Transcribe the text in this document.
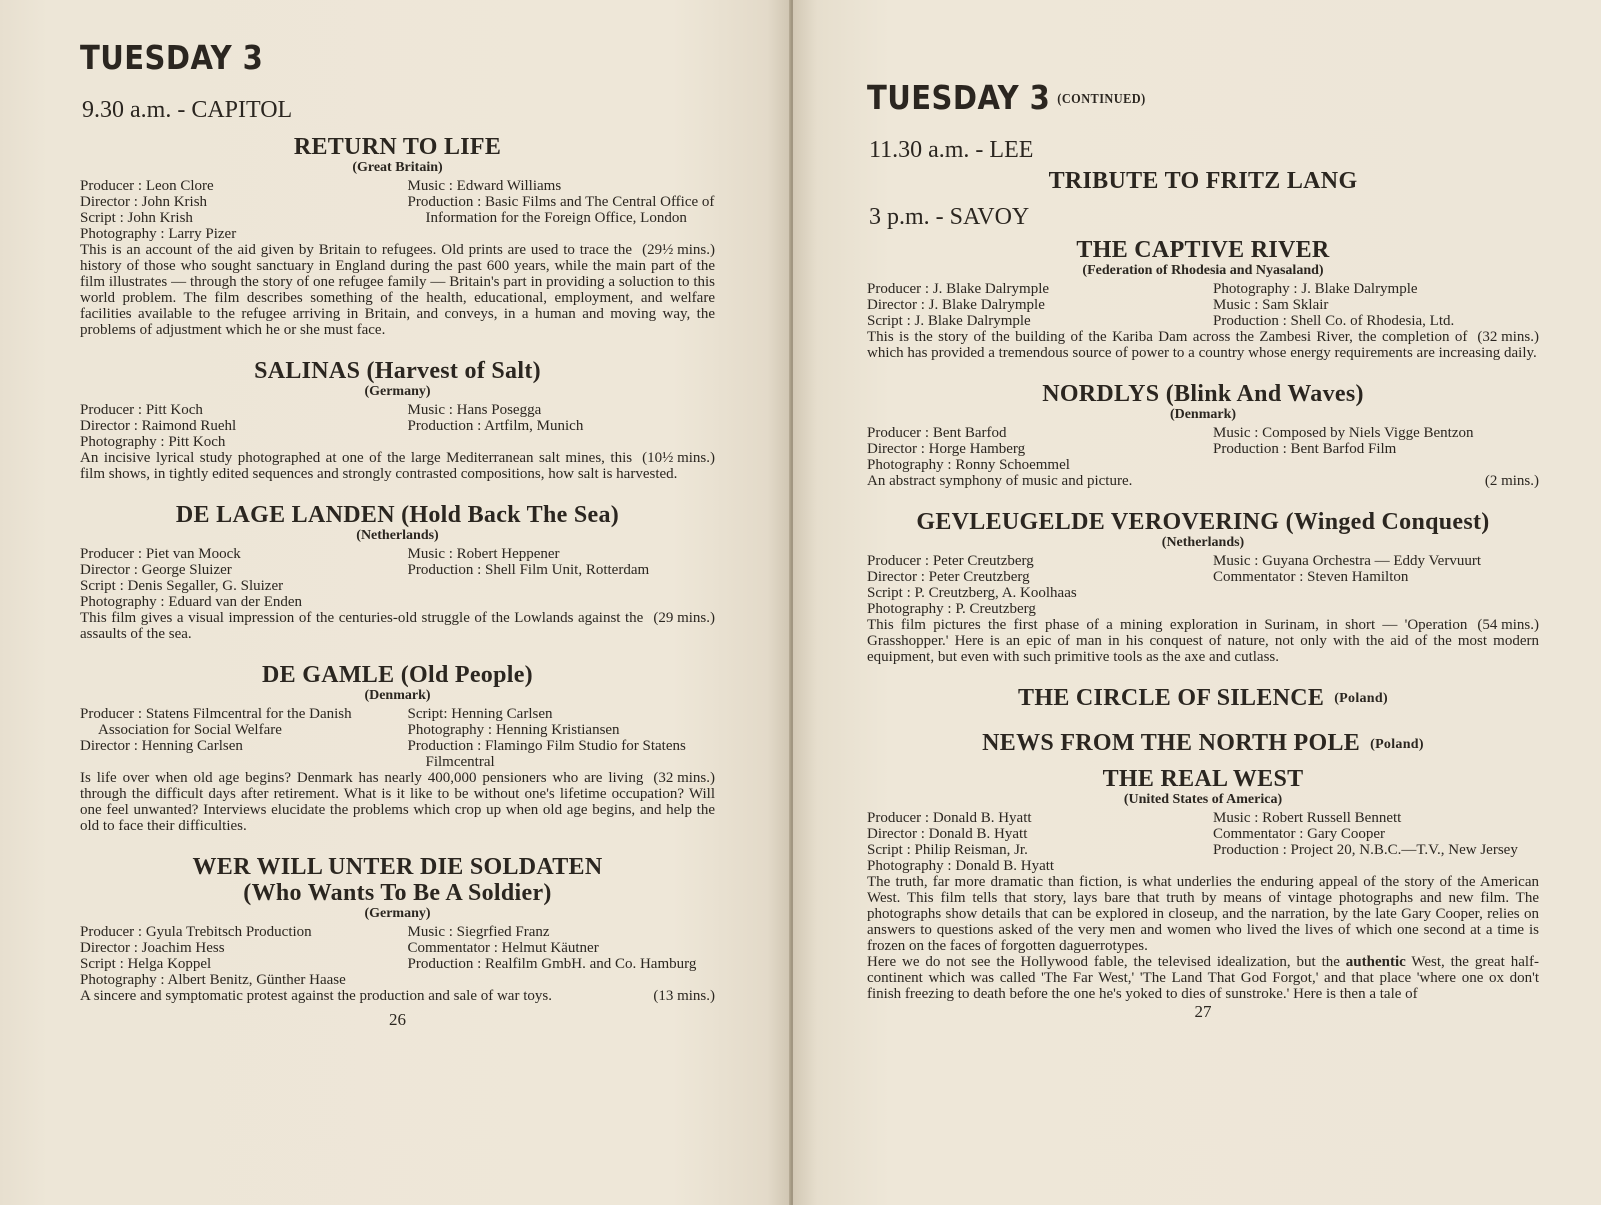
TUESDAY 3
9.30 a.m. - CAPITOL
RETURN TO LIFE
(Great Britain)
Producer : Leon Clore
Director : John Krish
Script : John Krish
Photography : Larry Pizer
Music : Edward Williams
Production : Basic Films and The Central Office of Information for the Foreign Office, London

(29½ mins.)
This is an account of the aid given by Britain to refugees. Old prints are used to trace the history of those who sought sanctuary in England during the past 600 years, while the main part of the film illustrates — through the story of one refugee family — Britain's part in providing a soluction to this world problem. The film describes something of the health, educational, employment, and welfare facilities available to the refugee arriving in Britain, and conveys, in a human and moving way, the problems of adjustment which he or she must face.

SALINAS (Harvest of Salt)
(Germany)
Producer : Pitt Koch
Director : Raimond Ruehl
Photography : Pitt Koch
Music : Hans Posegga
Production : Artfilm, Munich

(10½ mins.)
An incisive lyrical study photographed at one of the large Mediterranean salt mines, this film shows, in tightly edited sequences and strongly contrasted compositions, how salt is harvested.

DE LAGE LANDEN (Hold Back The Sea)
(Netherlands)
Producer : Piet van Moock
Director : George Sluizer
Script : Denis Segaller, G. Sluizer
Photography : Eduard van der Enden
Music : Robert Heppener
Production : Shell Film Unit, Rotterdam

(29 mins.)
This film gives a visual impression of the centuries-old struggle of the Lowlands against the assaults of the sea.

DE GAMLE (Old People)
(Denmark)
Producer : Statens Filmcentral for the Danish Association for Social Welfare
Director : Henning Carlsen
Script: Henning Carlsen
Photography : Henning Kristiansen
Production : Flamingo Film Studio for Statens Filmcentral

(32 mins.)
Is life over when old age begins? Denmark has nearly 400,000 pensioners who are living through the difficult days after retirement. What is it like to be without one's lifetime occupation? Will one feel unwanted? Interviews elucidate the problems which crop up when old age begins, and help the old to face their difficulties.

WER WILL UNTER DIE SOLDATEN
(Who Wants To Be A Soldier)
(Germany)
Producer : Gyula Trebitsch Production
Director : Joachim Hess
Script : Helga Koppel
Photography : Albert Benitz, Günther Haase
Music : Siegrfied Franz
Commentator : Helmut Käutner
Production : Realfilm GmbH. and Co. Hamburg

(13 mins.)
A sincere and symptomatic protest against the production and sale of war toys.

26
TUESDAY 3 (CONTINUED)
11.30 a.m. - LEE
TRIBUTE TO FRITZ LANG
3 p.m. - SAVOY
THE CAPTIVE RIVER
(Federation of Rhodesia and Nyasaland)
Producer : J. Blake Dalrymple
Director : J. Blake Dalrymple
Script : J. Blake Dalrymple
Photography : J. Blake Dalrymple
Music : Sam Sklair
Production : Shell Co. of Rhodesia, Ltd.

(32 mins.)
This is the story of the building of the Kariba Dam across the Zambesi River, the completion of which has provided a tremendous source of power to a country whose energy requirements are increasing daily.

NORDLYS (Blink And Waves)
(Denmark)
Producer : Bent Barfod
Director : Horge Hamberg
Photography : Ronny Schoemmel
Music : Composed by Niels Vigge Bentzon
Production : Bent Barfod Film

(2 mins.)
An abstract symphony of music and picture.

GEVLEUGELDE VEROVERING (Winged Conquest)
(Netherlands)
Producer : Peter Creutzberg
Director : Peter Creutzberg
Script : P. Creutzberg, A. Koolhaas
Photography : P. Creutzberg
Music : Guyana Orchestra — Eddy Vervuurt
Commentator : Steven Hamilton

(54 mins.)
This film pictures the first phase of a mining exploration in Surinam, in short — 'Operation Grasshopper.' Here is an epic of man in his conquest of nature, not only with the aid of the most modern equipment, but even with such primitive tools as the axe and cutlass.

THE CIRCLE OF SILENCE (Poland)
NEWS FROM THE NORTH POLE (Poland)
THE REAL WEST
(United States of America)
Producer : Donald B. Hyatt
Director : Donald B. Hyatt
Script : Philip Reisman, Jr.
Photography : Donald B. Hyatt
Music : Robert Russell Bennett
Commentator : Gary Cooper
Production : Project 20, N.B.C.—T.V., New Jersey

The truth, far more dramatic than fiction, is what underlies the enduring appeal of the story of the American West. This film tells that story, lays bare that truth by means of vintage photographs and new film. The photographs show details that can be explored in closeup, and the narration, by the late Gary Cooper, relies on answers to questions asked of the very men and women who lived the lives of which one second at a time is frozen on the faces of forgotten daguerrotypes.

Here we do not see the Hollywood fable, the televised idealization, but the authentic West, the great half-continent which was called 'The Far West,' 'The Land That God Forgot,' and that place 'where one ox don't finish freezing to death before the one he's yoked to dies of sunstroke.' Here is then a tale of

27
